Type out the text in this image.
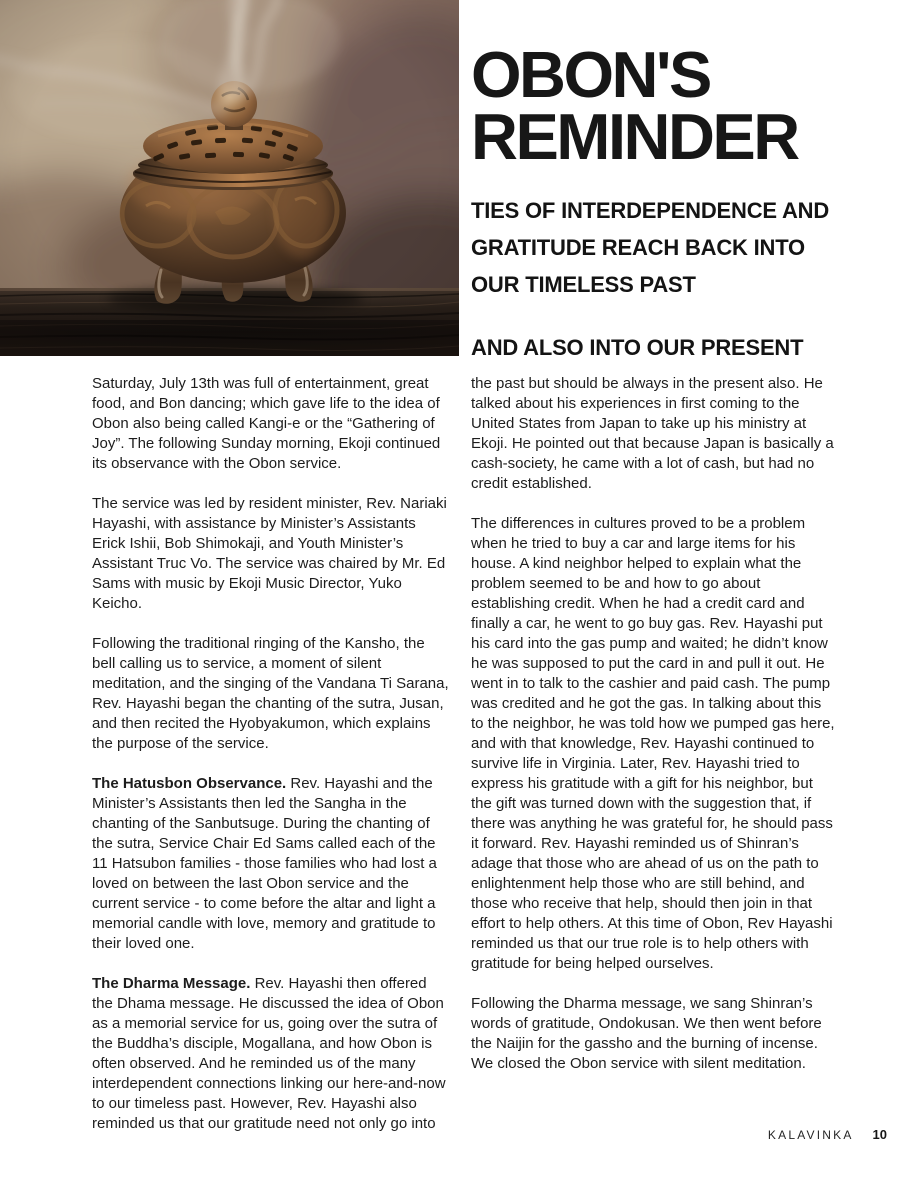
OBON'S
REMINDER
TIES OF INTERDEPENDENCE AND
GRATITUDE REACH BACK INTO
OUR TIMELESS PAST
AND ALSO INTO OUR PRESENT

Saturday, July 13th was full of entertainment, great food, and Bon dancing; which gave life to the idea of Obon also being called Kangi-e or the “Gathering of Joy”. The following Sunday morning, Ekoji continued its observance with the Obon service.

The service was led by resident minister, Rev. Nariaki Hayashi, with assistance by Minister’s Assistants Erick Ishii, Bob Shimokaji, and Youth Minister’s Assistant Truc Vo. The service was chaired by Mr. Ed Sams with music by Ekoji Music Director, Yuko Keicho.

Following the traditional ringing of the Kansho, the bell calling us to service, a moment of silent meditation, and the singing of the Vandana Ti Sarana, Rev. Hayashi began the chanting of the sutra, Jusan, and then recited the Hyobyakumon, which explains the purpose of the service.

The Hatusbon Observance. Rev. Hayashi and the Minister’s Assistants then led the Sangha in the chanting of the Sanbutsuge. During the chanting of the sutra, Service Chair Ed Sams called each of the 11 Hatsubon families - those families who had lost a loved on between the last Obon service and the current service - to come before the altar and light a memorial candle with love, memory and gratitude to their loved one.

The Dharma Message. Rev. Hayashi then offered the Dhama message. He discussed the idea of Obon as a memorial service for us, going over the sutra of the Buddha’s disciple, Mogallana, and how Obon is often observed. And he reminded us of the many interdependent connections linking our here-and-now to our timeless past. However, Rev. Hayashi also reminded us that our gratitude need not only go into

the past but should be always in the present also. He talked about his experiences in first coming to the United States from Japan to take up his ministry at Ekoji. He pointed out that because Japan is basically a cash-society, he came with a lot of cash, but had no credit established.

The differences in cultures proved to be a problem when he tried to buy a car and large items for his house. A kind neighbor helped to explain what the problem seemed to be and how to go about establishing credit. When he had a credit card and finally a car, he went to go buy gas. Rev. Hayashi put his card into the gas pump and waited; he didn’t know he was supposed to put the card in and pull it out. He went in to talk to the cashier and paid cash. The pump was credited and he got the gas. In talking about this to the neighbor, he was told how we pumped gas here, and with that knowledge, Rev. Hayashi continued to survive life in Virginia. Later, Rev. Hayashi tried to express his gratitude with a gift for his neighbor, but the gift was turned down with the suggestion that, if there was anything he was grateful for, he should pass it forward. Rev. Hayashi reminded us of Shinran’s adage that those who are ahead of us on the path to enlightenment help those who are still behind, and those who receive that help, should then join in that effort to help others. At this time of Obon, Rev Hayashi reminded us that our true role is to help others with gratitude for being helped ourselves.

Following the Dharma message, we sang Shinran’s words of gratitude, Ondokusan. We then went before the Naijin for the gassho and the burning of incense. We closed the Obon service with silent meditation.

KALAVINKA 10
